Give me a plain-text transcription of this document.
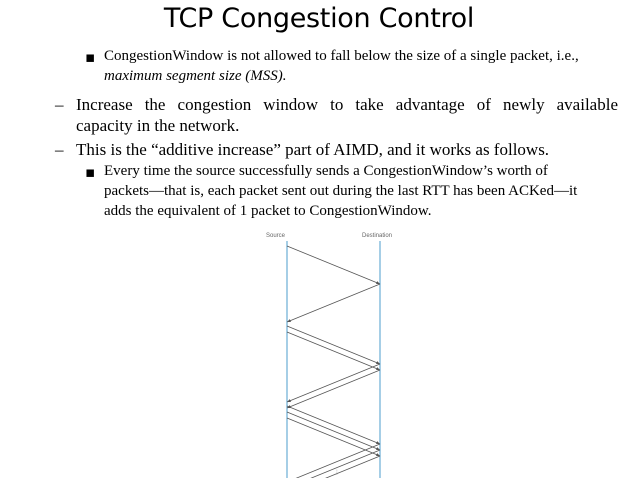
TCP Congestion Control
▪ CongestionWindow is not allowed to fall below the size of a single packet, i.e.,
maximum segment size (MSS).
– Increase the congestion window to take advantage of newly available
capacity in the network.
– This is the “additive increase” part of AIMD, and it works as follows.
▪ Every time the source successfully sends a CongestionWindow’s worth of
packets—that is, each packet sent out during the last RTT has been ACKed—it
adds the equivalent of 1 packet to CongestionWindow.
Source	Destination
⋮
